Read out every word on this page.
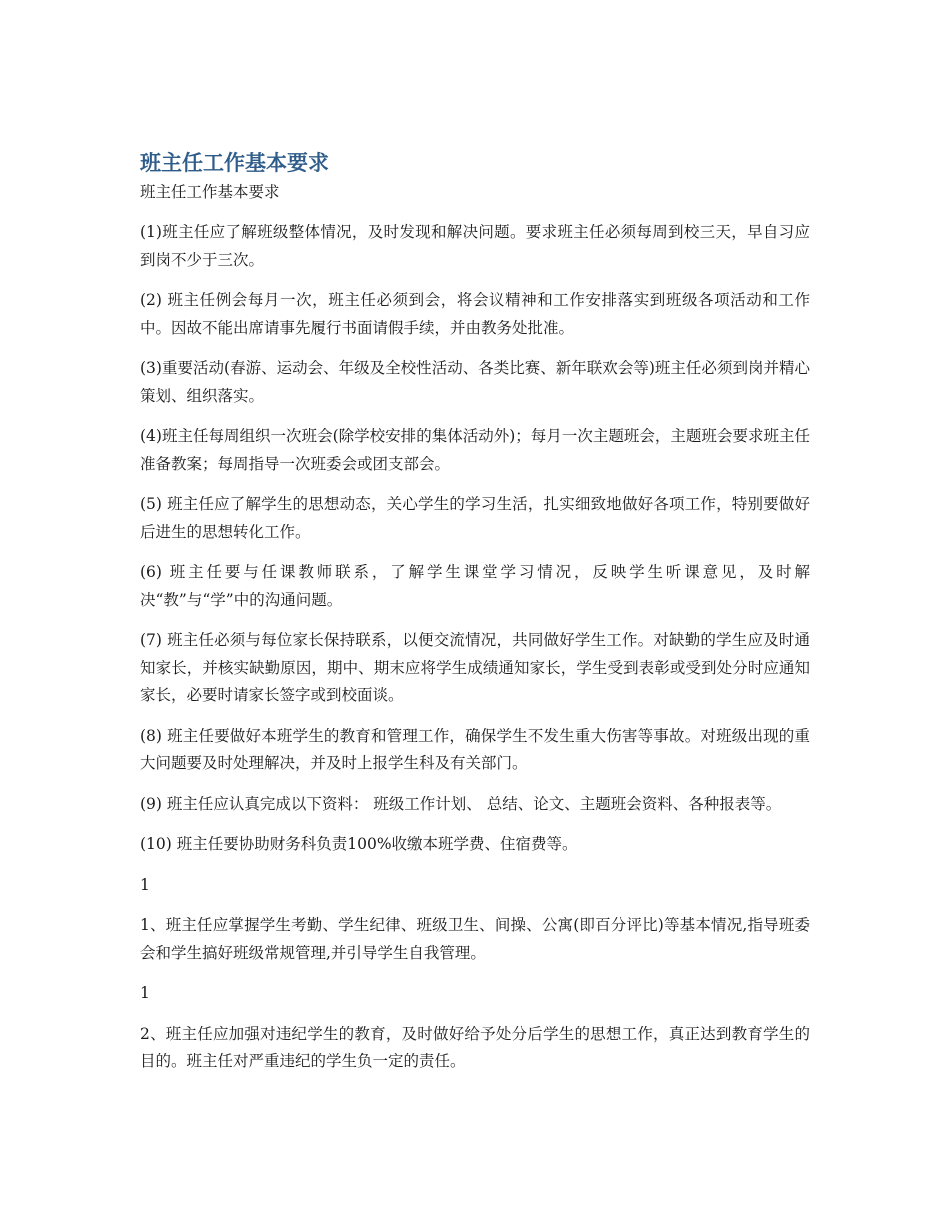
班主任工作基本要求

班主任工作基本要求

(1)班主任应了解班级整体情况，及时发现和解决问题。要求班主任必须每周到校三天，早自习应到岗不少于三次。

(2) 班主任例会每月一次，班主任必须到会，将会议精神和工作安排落实到班级各项活动和工作中。因故不能出席请事先履行书面请假手续，并由教务处批准。

(3)重要活动(春游、运动会、年级及全校性活动、各类比赛、新年联欢会等)班主任必须到岗并精心策划、组织落实。

(4)班主任每周组织一次班会(除学校安排的集体活动外)；每月一次主题班会，主题班会要求班主任准备教案；每周指导一次班委会或团支部会。

(5) 班主任应了解学生的思想动态，关心学生的学习生活，扎实细致地做好各项工作，特别要做好后进生的思想转化工作。

(6) 班主任要与任课教师联系，了解学生课堂学习情况，反映学生听课意见，及时解决“教”与“学”中的沟通问题。

(7) 班主任必须与每位家长保持联系，以便交流情况，共同做好学生工作。对缺勤的学生应及时通知家长，并核实缺勤原因，期中、期末应将学生成绩通知家长，学生受到表彰或受到处分时应通知家长，必要时请家长签字或到校面谈。

(8) 班主任要做好本班学生的教育和管理工作，确保学生不发生重大伤害等事故。对班级出现的重大问题要及时处理解决，并及时上报学生科及有关部门。

(9) 班主任应认真完成以下资料： 班级工作计划、 总结、论文、主题班会资料、各种报表等。

(10) 班主任要协助财务科负责100%收缴本班学费、住宿费等。

1

1、班主任应掌握学生考勤、学生纪律、班级卫生、间操、公寓(即百分评比)等基本情况,指导班委会和学生搞好班级常规管理,并引导学生自我管理。

1

2、班主任应加强对违纪学生的教育，及时做好给予处分后学生的思想工作，真正达到教育学生的目的。班主任对严重违纪的学生负一定的责任。
